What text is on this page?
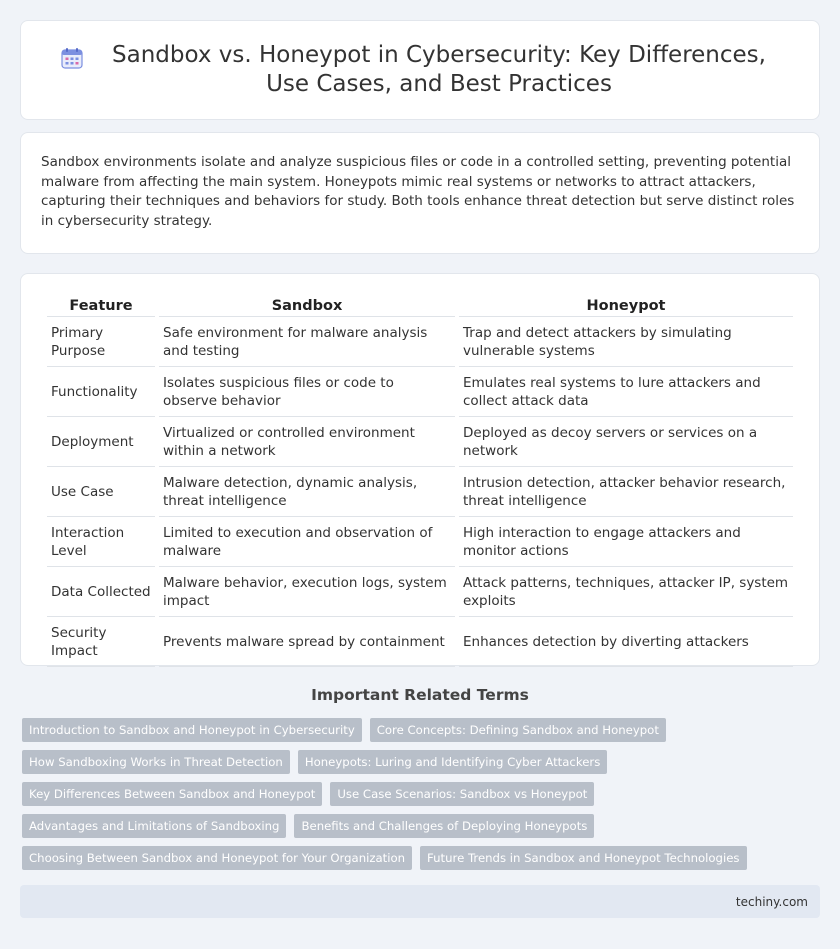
Sandbox vs. Honeypot in Cybersecurity: Key Differences, Use Cases, and Best Practices

Sandbox environments isolate and analyze suspicious files or code in a controlled setting, preventing potential malware from affecting the main system. Honeypots mimic real systems or networks to attract attackers, capturing their techniques and behaviors for study. Both tools enhance threat detection but serve distinct roles in cybersecurity strategy.

Feature	Sandbox	Honeypot
Primary Purpose	Safe environment for malware analysis and testing	Trap and detect attackers by simulating vulnerable systems
Functionality	Isolates suspicious files or code to observe behavior	Emulates real systems to lure attackers and collect attack data
Deployment	Virtualized or controlled environment within a network	Deployed as decoy servers or services on a network
Use Case	Malware detection, dynamic analysis, threat intelligence	Intrusion detection, attacker behavior research, threat intelligence
Interaction Level	Limited to execution and observation of malware	High interaction to engage attackers and monitor actions
Data Collected	Malware behavior, execution logs, system impact	Attack patterns, techniques, attacker IP, system exploits
Security Impact	Prevents malware spread by containment	Enhances detection by diverting attackers
Important Related Terms
Introduction to Sandbox and Honeypot in Cybersecurity	Core Concepts: Defining Sandbox and Honeypot
How Sandboxing Works in Threat Detection	Honeypots: Luring and Identifying Cyber Attackers
Key Differences Between Sandbox and Honeypot	Use Case Scenarios: Sandbox vs Honeypot
Advantages and Limitations of Sandboxing	Benefits and Challenges of Deploying Honeypots
Choosing Between Sandbox and Honeypot for Your Organization	Future Trends in Sandbox and Honeypot Technologies
techiny.com
